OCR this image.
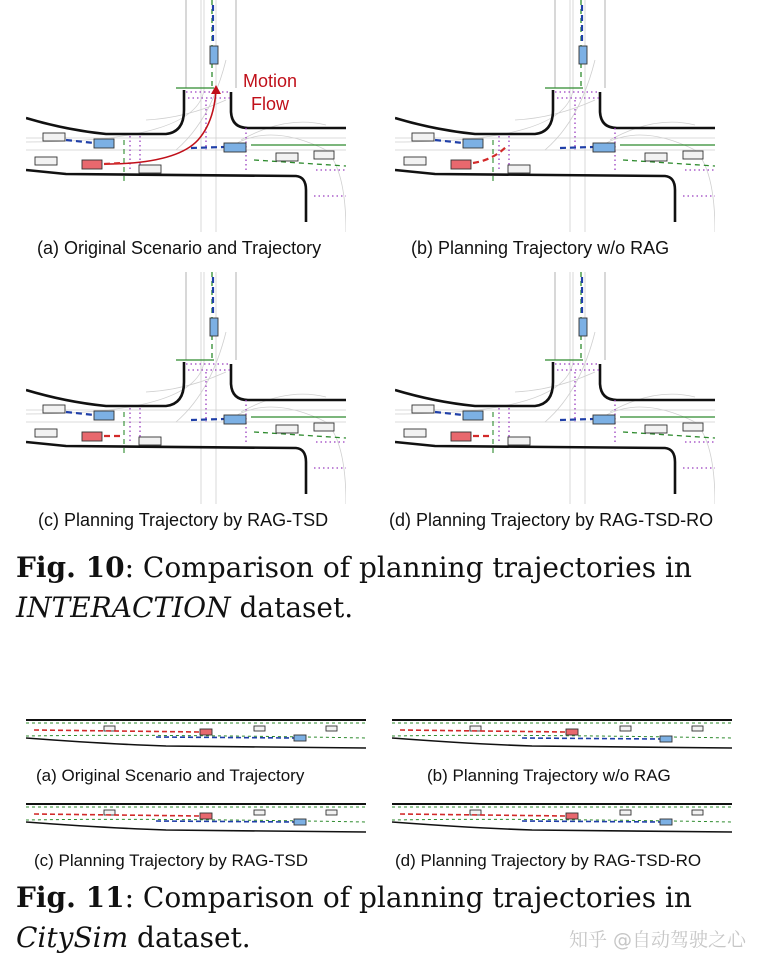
Motion
Flow
(a) Original Scenario and Trajectory	(b) Planning Trajectory w/o RAG
(c) Planning Trajectory by RAG-TSD	(d) Planning Trajectory by RAG-TSD-RO
Fig. 10: Comparison of planning trajectories in INTERACTION dataset.
(a) Original Scenario and Trajectory	(b) Planning Trajectory w/o RAG
(c) Planning Trajectory by RAG-TSD	(d) Planning Trajectory by RAG-TSD-RO
Fig. 11: Comparison of planning trajectories in CitySim dataset.	知乎 @自动驾驶之心
